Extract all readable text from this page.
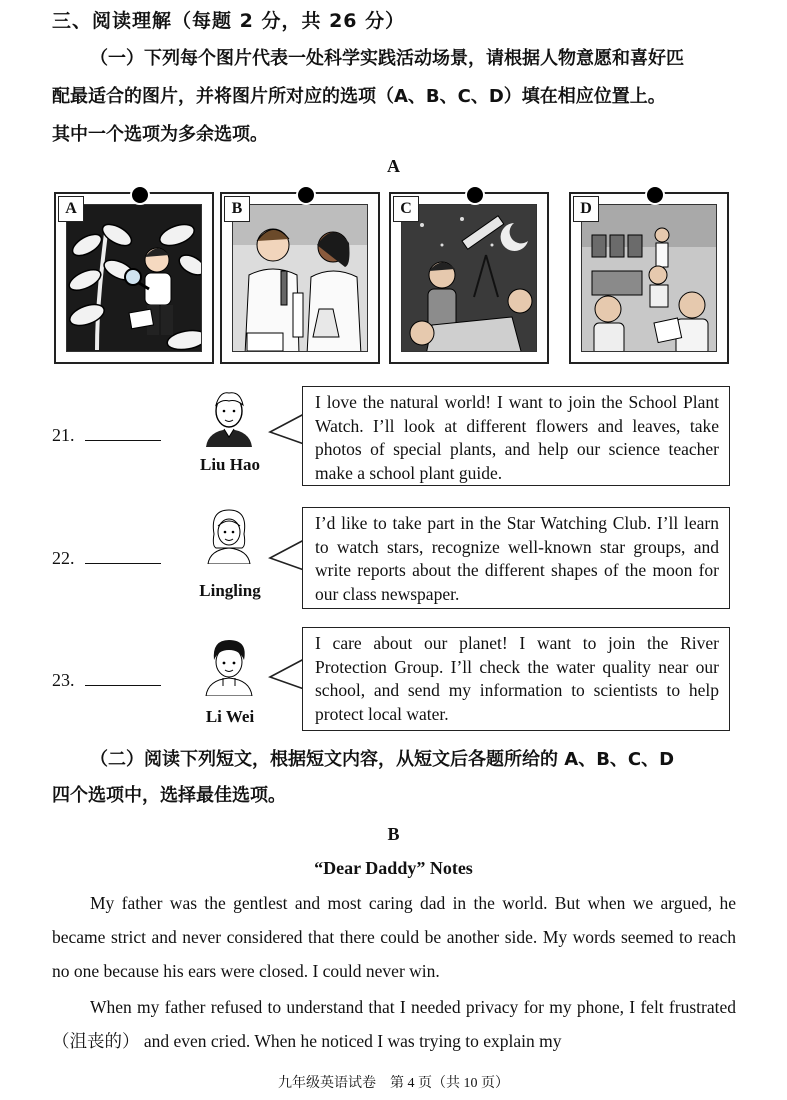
三、阅读理解（每题 2 分，共 26 分）
（一）下列每个图片代表一处科学实践活动场景，请根据人物意愿和喜好匹
配最适合的图片，并将图片所对应的选项（A、B、C、D）填在相应位置上。
其中一个选项为多余选项。
A
A	B	C	D
21.
Liu Hao
I love the natural world! I want to join the School Plant Watch. I’ll look at different flowers and leaves, take photos of special plants, and help our science teacher make a school plant guide.
22.
Lingling
I’d like to take part in the Star Watching Club. I’ll learn to watch stars, recognize well-known star groups, and write reports about the different shapes of the moon for our class newspaper.
23.
Li Wei
I care about our planet! I want to join the River Protection Group. I’ll check the water quality near our school, and send my information to scientists to help protect local water.
（二）阅读下列短文，根据短文内容，从短文后各题所给的 A、B、C、D
四个选项中，选择最佳选项。
B
“Dear Daddy” Notes
My father was the gentlest and most caring dad in the world. But when we argued, he became strict and never considered that there could be another side. My words seemed to reach no one because his ears were closed. I could never win.
When my father refused to understand that I needed privacy for my phone, I felt frustrated（沮丧的） and even cried. When he noticed I was trying to explain my
九年级英语试卷　第 4 页（共 10 页）
